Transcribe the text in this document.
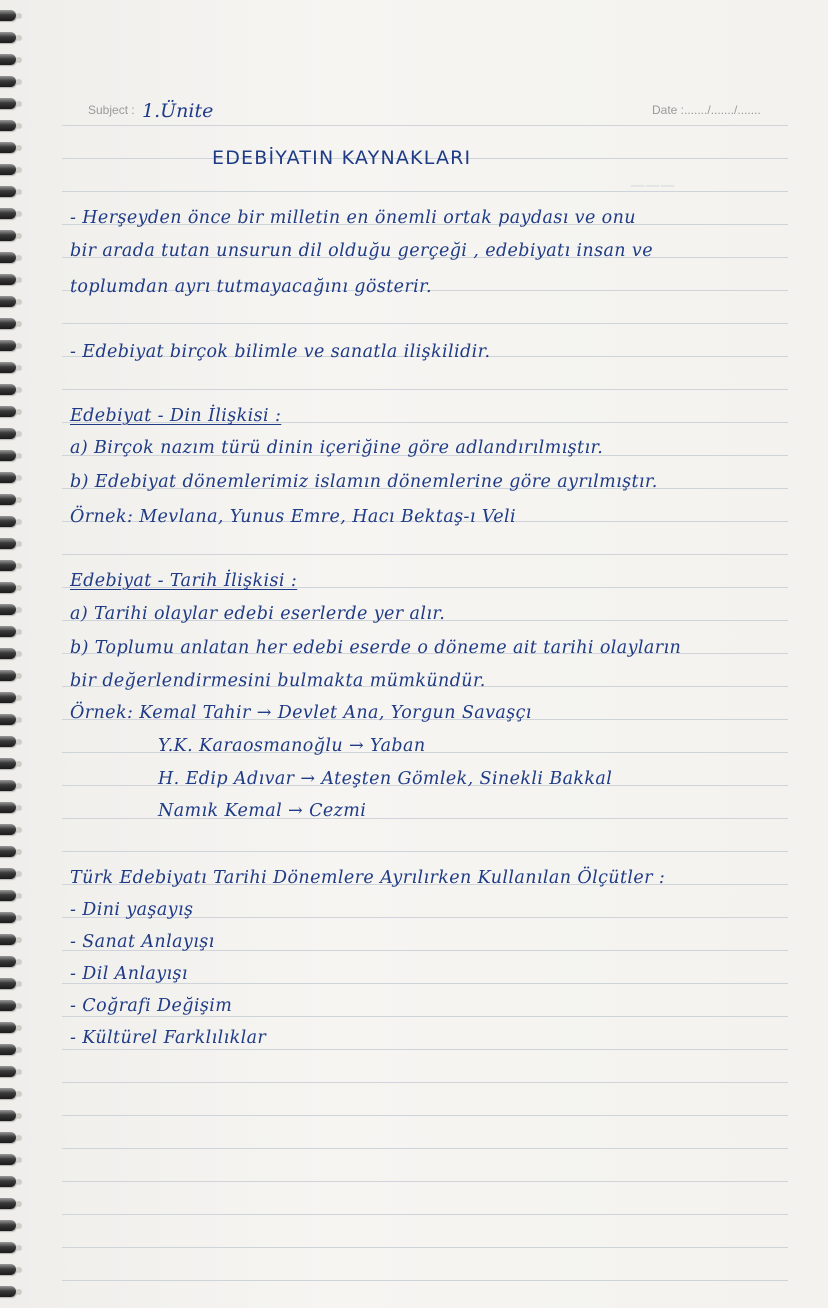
———
Subject : 1.Ünite	Date :......./......./.......

EDEBİYATIN KAYNAKLARI

- Herşeyden önce bir milletin en önemli ortak paydası ve onu

bir arada tutan unsurun dil olduğu gerçeği , edebiyatı insan ve

toplumdan ayrı tutmayacağını gösterir.

- Edebiyat birçok bilimle ve sanatla ilişkilidir.

Edebiyat - Din İlişkisi :

a) Birçok nazım türü dinin içeriğine göre adlandırılmıştır.

b) Edebiyat dönemlerimiz islamın dönemlerine göre ayrılmıştır.

Örnek: Mevlana, Yunus Emre, Hacı Bektaş-ı Veli

Edebiyat - Tarih İlişkisi :

a) Tarihi olaylar edebi eserlerde yer alır.

b) Toplumu anlatan her edebi eserde o döneme ait tarihi olayların

bir değerlendirmesini bulmakta mümkündür.

Örnek: Kemal Tahir → Devlet Ana, Yorgun Savaşçı

Y.K. Karaosmanoğlu → Yaban

H. Edip Adıvar → Ateşten Gömlek, Sinekli Bakkal

Namık Kemal → Cezmi

Türk Edebiyatı Tarihi Dönemlere Ayrılırken Kullanılan Ölçütler :

- Dini yaşayış

- Sanat Anlayışı

- Dil Anlayışı

- Coğrafi Değişim

- Kültürel Farklılıklar
